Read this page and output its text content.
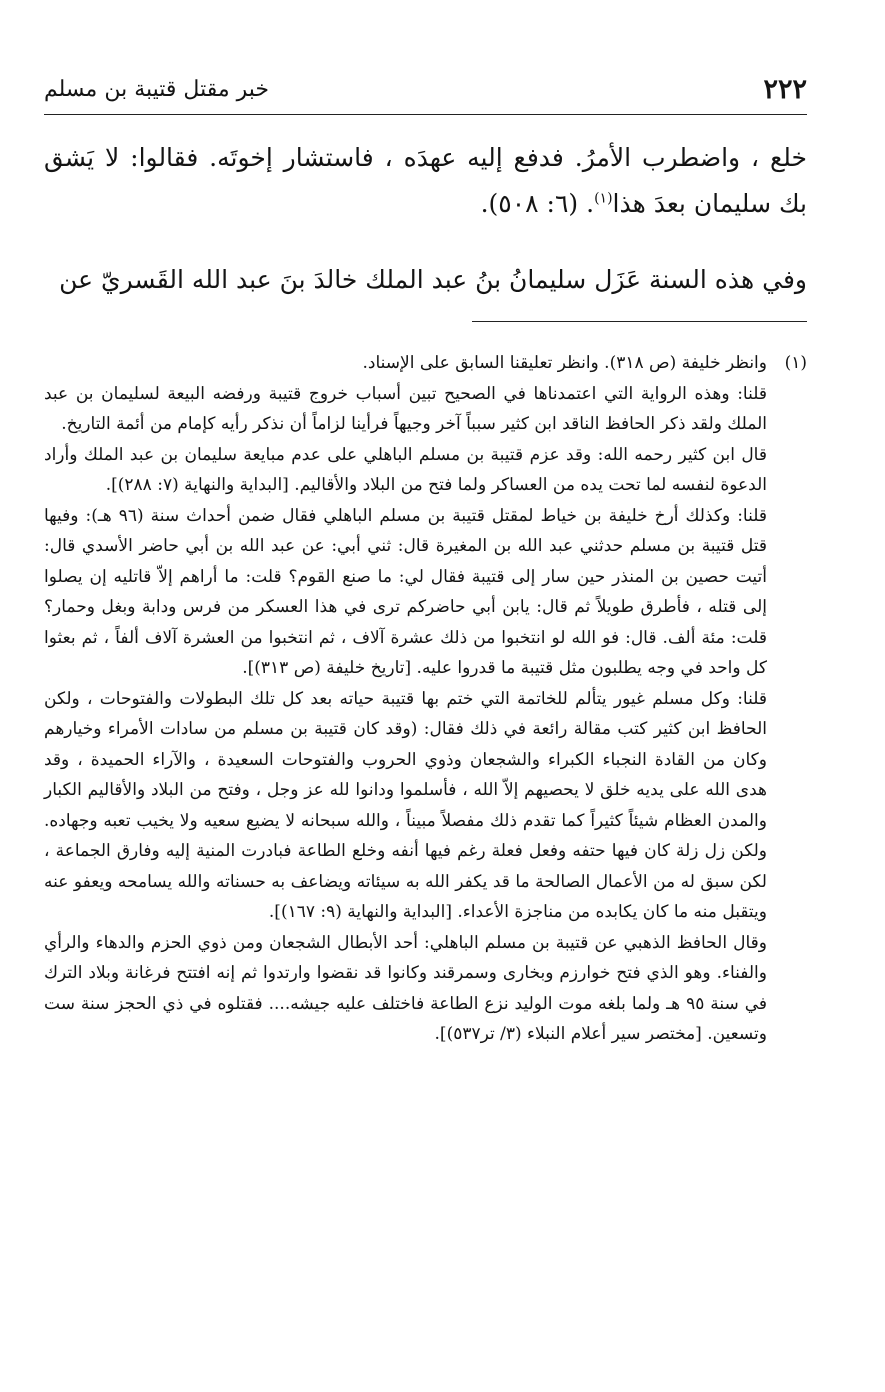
٢٢٢
خبر مقتل قتيبة بن مسلم

خلع ، واضطرب الأمرُ. فدفع إليه عهدَه ، فاستشار إخوتَه. فقالوا: لا يَشق بك سليمان بعدَ هذا$^{(١)}$. (٦: ٥٠٨).

وفي هذه السنة عَزَل سليمانُ بنُ عبد الملك خالدَ بنَ عبد الله القَسريّ عن

(١)

وانظر خليفة (ص ٣١٨). وانظر تعليقنا السابق على الإسناد.

قلنا: وهذه الرواية التي اعتمدناها في الصحيح تبين أسباب خروج قتيبة ورفضه البيعة لسليمان بن عبد الملك ولقد ذكر الحافظ الناقد ابن كثير سبباً آخر وجيهاً فرأينا لزاماً أن نذكر رأيه كإمام من أئمة التاريخ.

قال ابن كثير رحمه الله: وقد عزم قتيبة بن مسلم الباهلي على عدم مبايعة سليمان بن عبد الملك وأراد الدعوة لنفسه لما تحت يده من العساكر ولما فتح من البلاد والأقاليم. [البداية والنهاية (٧: ٢٨٨)].

قلنا: وكذلك أرخ خليفة بن خياط لمقتل قتيبة بن مسلم الباهلي فقال ضمن أحداث سنة (٩٦ هـ): وفيها قتل قتيبة بن مسلم حدثني عبد الله بن المغيرة قال: ثني أبي: عن عبد الله بن أبي حاضر الأسدي قال: أتيت حصين بن المنذر حين سار إلى قتيبة فقال لي: ما صنع القوم؟ قلت: ما أراهم إلاّ قاتليه إن يصلوا إلى قتله ، فأطرق طويلاً ثم قال: يابن أبي حاضركم ترى في هذا العسكر من فرس ودابة وبغل وحمار؟ قلت: مئة ألف. قال: فو الله لو انتخبوا من ذلك عشرة آلاف ، ثم انتخبوا من العشرة آلاف ألفاً ، ثم بعثوا كل واحد في وجه يطلبون مثل قتيبة ما قدروا عليه. [تاريخ خليفة (ص ٣١٣)].

قلنا: وكل مسلم غيور يتألم للخاتمة التي ختم بها قتيبة حياته بعد كل تلك البطولات والفتوحات ، ولكن الحافظ ابن كثير كتب مقالة رائعة في ذلك فقال: (وقد كان قتيبة بن مسلم من سادات الأمراء وخيارهم وكان من القادة النجباء الكبراء والشجعان وذوي الحروب والفتوحات السعيدة ، والآراء الحميدة ، وقد هدى الله على يديه خلق لا يحصيهم إلاّ الله ، فأسلموا ودانوا لله عز وجل ، وفتح من البلاد والأقاليم الكبار والمدن العظام شيئاً كثيراً كما تقدم ذلك مفصلاً مبيناً ، والله سبحانه لا يضيع سعيه ولا يخيب تعبه وجهاده. ولكن زل زلة كان فيها حتفه وفعل فعلة رغم فيها أنفه وخلع الطاعة فبادرت المنية إليه وفارق الجماعة ، لكن سبق له من الأعمال الصالحة ما قد يكفر الله به سيئاته ويضاعف به حسناته والله يسامحه ويعفو عنه ويتقبل منه ما كان يكابده من مناجزة الأعداء. [البداية والنهاية (٩: ١٦٧)].

وقال الحافظ الذهبي عن قتيبة بن مسلم الباهلي: أحد الأبطال الشجعان ومن ذوي الحزم والدهاء والرأي والفناء. وهو الذي فتح خوارزم وبخارى وسمرقند وكانوا قد نقضوا وارتدوا ثم إنه افتتح فرغانة وبلاد الترك في سنة ٩٥ هـ ولما بلغه موت الوليد نزع الطاعة فاختلف عليه جيشه.... فقتلوه في ذي الحجز سنة ست وتسعين. [مختصر سير أعلام النبلاء (٣/ تر٥٣٧)].
